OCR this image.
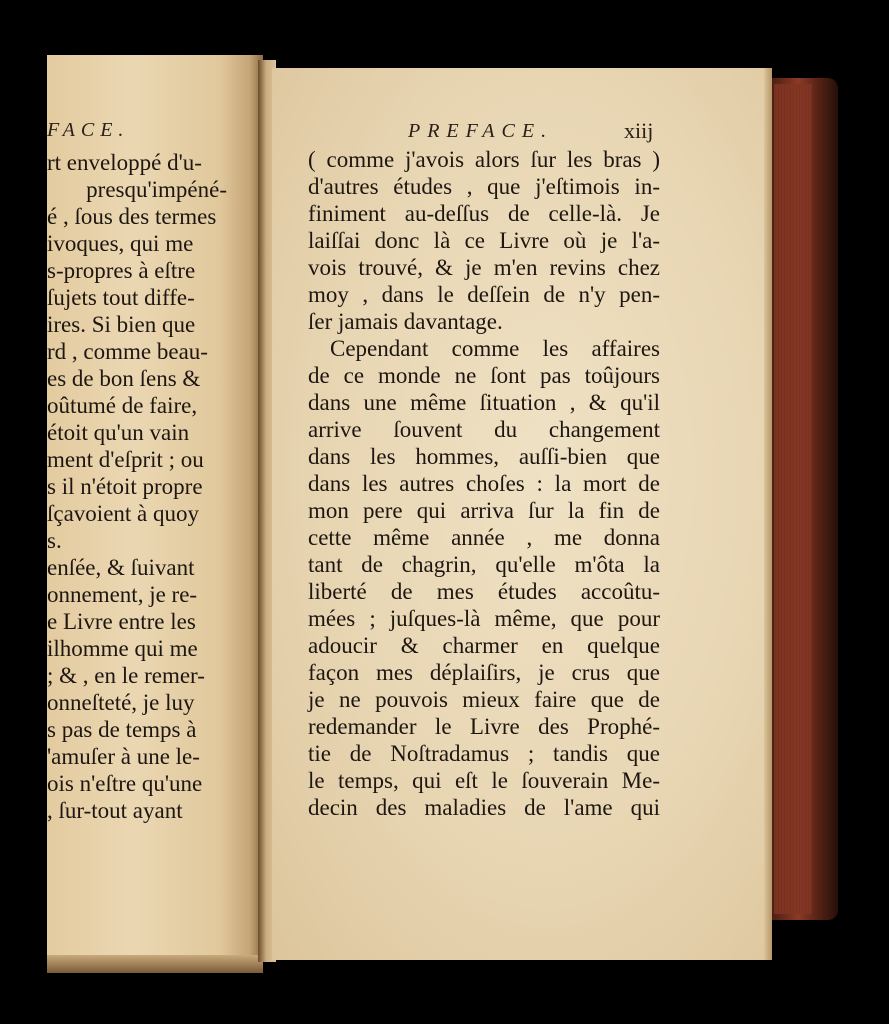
FACE.
rt enveloppé d'u-
presqu'impéné-
é , ſous des termes
ivoques, qui me
s-propres à eſtre
ſujets tout diffe-
ires. Si bien que
rd , comme beau-
es de bon ſens &
oûtumé de faire,
étoit qu'un vain
ment d'eſprit ; ou
s il n'étoit propre
ſçavoient à quoy
s.
enſée, & ſuivant
onnement, je re-
e Livre entre les
ilhomme qui me
; & , en le remer-
onneſteté, je luy
s pas de temps à
'amuſer à une le-
ois n'eſtre qu'une
, ſur-tout ayant
PREFACE.	xiij
( comme j'avois alors ſur les bras )
d'autres études , que j'eſtimois in-
finiment au-deſſus de celle-là. Je
laiſſai donc là ce Livre où je l'a-
vois trouvé, & je m'en revins chez
moy , dans le deſſein de n'y pen-
ſer jamais davantage.
Cependant comme les affaires
de ce monde ne ſont pas toûjours
dans une même ſituation , & qu'il
arrive ſouvent du changement
dans les hommes, auſſi-bien que
dans les autres choſes : la mort de
mon pere qui arriva ſur la fin de
cette même année , me donna
tant de chagrin, qu'elle m'ôta la
liberté de mes études accoûtu-
mées ; juſques-là même, que pour
adoucir & charmer en quelque
façon mes déplaiſirs, je crus que
je ne pouvois mieux faire que de
redemander le Livre des Prophé-
tie de Noſtradamus ; tandis que
le temps, qui eſt le ſouverain Me-
decin des maladies de l'ame qui
